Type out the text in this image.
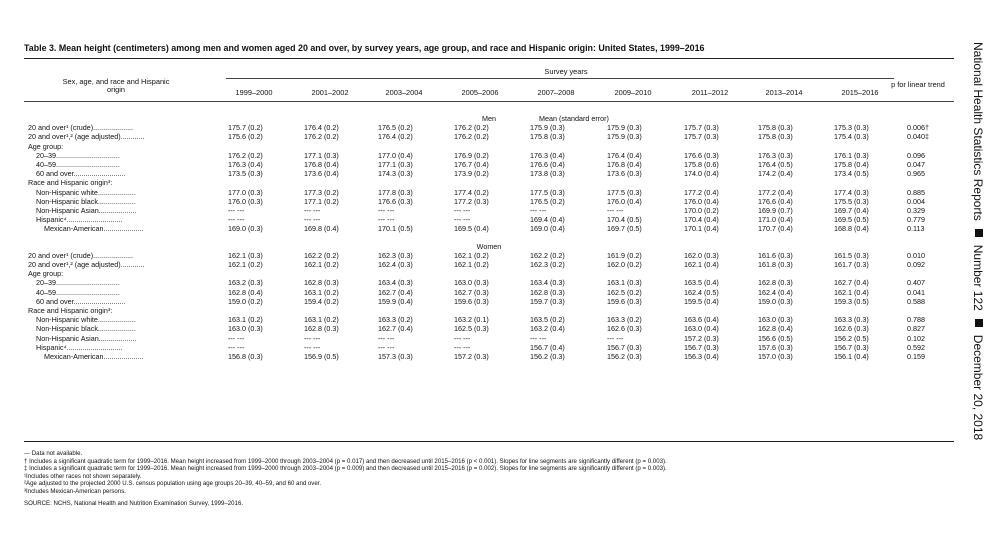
Table 3. Mean height (centimeters) among men and women aged 20 and over, by survey years, age group, and race and Hispanic origin: United States, 1999–2016
Sex, age, and race and Hispanic origin
Survey years
1999–2000	2001–2002	2003–2004	2005–2006	2007–2008	2009–2010	2011–2012	2013–2014	2015–2016
p for linear trend
Men	Mean (standard error)
20 and over¹ (crude)....................	175.7 (0.2)	176.4 (0.2)	176.5 (0.2)	176.2 (0.2)	175.9 (0.3)	175.9 (0.3)	175.7 (0.3)	175.8 (0.3)	175.3 (0.3)	0.006†
20 and over¹,² (age adjusted)............	175.6 (0.2)	176.2 (0.2)	176.4 (0.2)	176.2 (0.2)	175.8 (0.3)	175.9 (0.3)	175.7 (0.3)	175.8 (0.3)	175.4 (0.3)	0.040‡
Age group:
20–39................................	176.2 (0.2)	177.1 (0.3)	177.0 (0.4)	176.9 (0.2)	176.3 (0.4)	176.4 (0.4)	176.6 (0.3)	176.3 (0.3)	176.1 (0.3)	0.096
40–59................................	176.3 (0.4)	176.8 (0.4)	177.1 (0.3)	176.7 (0.4)	176.6 (0.4)	176.8 (0.4)	175.8 (0.6)	176.4 (0.5)	175.8 (0.4)	0.047
60 and over..........................	173.5 (0.3)	173.6 (0.4)	174.3 (0.3)	173.9 (0.2)	173.8 (0.3)	173.6 (0.3)	174.0 (0.4)	174.2 (0.4)	173.4 (0.5)	0.965
Race and Hispanic origin³:
Non-Hispanic white...................	177.0 (0.3)	177.3 (0.2)	177.8 (0.3)	177.4 (0.2)	177.5 (0.3)	177.5 (0.3)	177.2 (0.4)	177.2 (0.4)	177.4 (0.3)	0.885
Non-Hispanic black...................	176.0 (0.3)	177.1 (0.2)	176.6 (0.3)	177.2 (0.3)	176.5 (0.2)	176.0 (0.4)	176.0 (0.4)	176.6 (0.4)	175.5 (0.3)	0.004
Non-Hispanic Asian...................	--- ---	--- ---	--- ---	--- ---	--- ---	--- ---	170.0 (0.2)	169.9 (0.7)	169.7 (0.4)	0.329
Hispanic⁴............................	--- ---	--- ---	--- ---	--- ---	169.4 (0.4)	170.4 (0.5)	170.4 (0.4)	171.0 (0.4)	169.5 (0.5)	0.779
Mexican-American....................	169.0 (0.3)	169.8 (0.4)	170.1 (0.5)	169.5 (0.4)	169.0 (0.4)	169.7 (0.5)	170.1 (0.4)	170.7 (0.4)	168.8 (0.4)	0.113
Women
20 and over¹ (crude)....................	162.1 (0.3)	162.2 (0.2)	162.3 (0.3)	162.1 (0.2)	162.2 (0.2)	161.9 (0.2)	162.0 (0.3)	161.6 (0.3)	161.5 (0.3)	0.010
20 and over¹,² (age adjusted)............	162.1 (0.2)	162.1 (0.2)	162.4 (0.3)	162.1 (0.2)	162.3 (0.2)	162.0 (0.2)	162.1 (0.4)	161.8 (0.3)	161.7 (0.3)	0.092
Age group:
20–39................................	163.2 (0.3)	162.8 (0.3)	163.4 (0.3)	163.0 (0.3)	163.4 (0.3)	163.1 (0.3)	163.5 (0.4)	162.8 (0.3)	162.7 (0.4)	0.407
40–59................................	162.8 (0.4)	163.1 (0.2)	162.7 (0.4)	162.7 (0.3)	162.8 (0.3)	162.5 (0.2)	162.4 (0.5)	162.4 (0.4)	162.1 (0.4)	0.041
60 and over..........................	159.0 (0.2)	159.4 (0.2)	159.9 (0.4)	159.6 (0.3)	159.7 (0.3)	159.6 (0.3)	159.5 (0.4)	159.0 (0.3)	159.3 (0.5)	0.588
Race and Hispanic origin³:
Non-Hispanic white...................	163.1 (0.2)	163.1 (0.2)	163.3 (0.2)	163.2 (0.1)	163.5 (0.2)	163.3 (0.2)	163.6 (0.4)	163.0 (0.3)	163.3 (0.3)	0.788
Non-Hispanic black...................	163.0 (0.3)	162.8 (0.3)	162.7 (0.4)	162.5 (0.3)	163.2 (0.4)	162.6 (0.3)	163.0 (0.4)	162.8 (0.4)	162.6 (0.3)	0.827
Non-Hispanic Asian...................	--- ---	--- ---	--- ---	--- ---	--- ---	--- ---	157.2 (0.3)	156.6 (0.5)	156.2 (0.5)	0.102
Hispanic⁴............................	--- ---	--- ---	--- ---	--- ---	156.7 (0.4)	156.7 (0.3)	156.7 (0.3)	157.6 (0.3)	156.7 (0.3)	0.592
Mexican-American....................	156.8 (0.3)	156.9 (0.5)	157.3 (0.3)	157.2 (0.3)	156.2 (0.3)	156.2 (0.3)	156.3 (0.4)	157.0 (0.3)	156.1 (0.4)	0.159
--- Data not available.
† Includes a significant quadratic term for 1999–2016. Mean height increased from 1999–2000 through 2003–2004 (p = 0.017) and then decreased until 2015–2016 (p < 0.001). Slopes for line segments are significantly different (p = 0.003).
‡ Includes a significant quadratic term for 1999–2016. Mean height increased from 1999–2000 through 2003–2004 (p = 0.009) and then decreased until 2015–2016 (p = 0.002). Slopes for line segments are significantly different (p = 0.003).
¹Includes other races not shown separately.
²Age adjusted to the projected 2000 U.S. census population using age groups 20–39, 40–59, and 60 and over.
³Includes Mexican-American persons.
SOURCE: NCHS, National Health and Nutrition Examination Survey, 1999–2016.
National Health Statistics ReportsNumber 122December 20, 2018
